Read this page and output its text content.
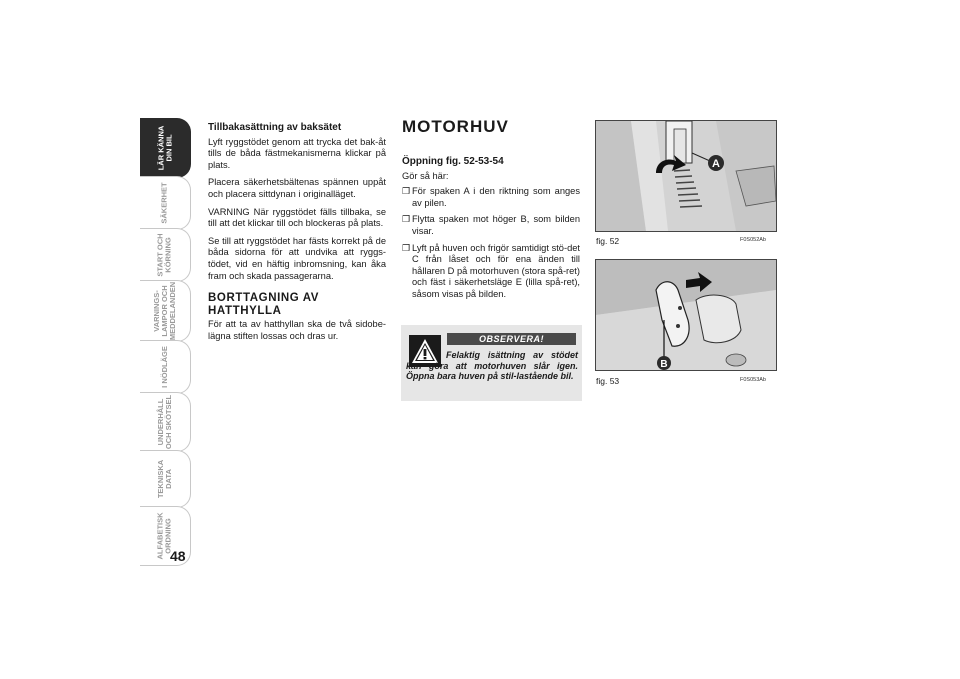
LÄR KÄNNA
DIN BIL
SÄKERHET
START OCH
KÖRNING
VARNINGS-
LAMPOR OCH
MEDDELANDEN
I NÖDLÄGE
UNDERHÅLL
OCH SKÖTSEL
TEKNISKA
DATA
ALFABETISK
ORDNING
48
Tillbakasättning av baksätet

Lyft ryggstödet genom att trycka det bak-åt tills de båda fästmekanismerna klickar på plats.

Placera säkerhetsbältenas spännen uppåt och placera sittdynan i originalläget.

VARNING När ryggstödet fälls tillbaka, se till att det klickar till och blockeras på plats.

Se till att ryggstödet har fästs korrekt på de båda sidorna för att undvika att ryggs-tödet, vid en häftig inbromsning, kan åka fram och skada passagerarna.

BORTTAGNING AV HATTHYLLA

För att ta av hatthyllan ska de två sidobe-lägna stiften lossas och dras ur.

MOTORHUV
Öppning fig. 52-53-54

Gör så här:

❒ För spaken A i den riktning som anges av pilen.
❒ Flytta spaken mot höger B, som bilden visar.
❒ Lyft på huven och frigör samtidigt stö-det C från låset och för ena änden till hållaren D på motorhuven (stora spå-ret) och fäst i säkerhetsläge E (lilla spå-ret), såsom visas på bilden.
OBSERVERA!
Felaktig isättning av stödet kan göra att motorhuven slår igen. Öppna bara huven på stil-lastående bil.
A
fig. 52	F0S052Ab
B
fig. 53	F0S053Ab
